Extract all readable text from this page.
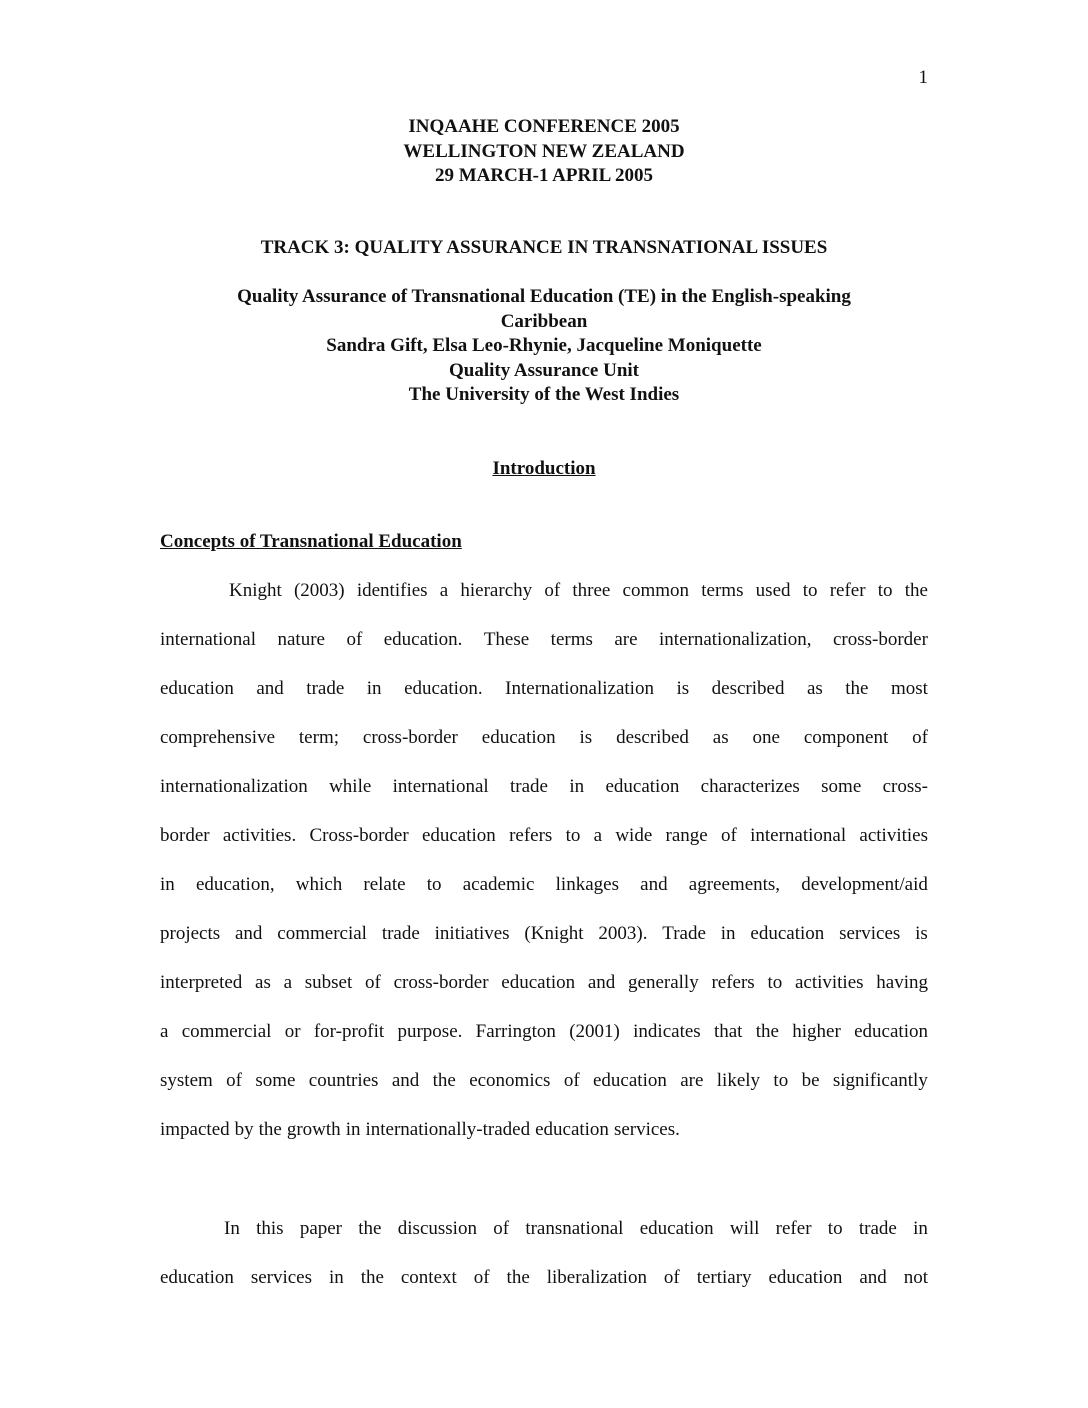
1
INQAAHE CONFERENCE 2005
WELLINGTON NEW ZEALAND
29 MARCH-1 APRIL 2005
TRACK 3: QUALITY ASSURANCE IN TRANSNATIONAL ISSUES
Quality Assurance of Transnational Education (TE) in the English-speaking
Caribbean
Sandra Gift, Elsa Leo-Rhynie, Jacqueline Moniquette
Quality Assurance Unit
The University of the West Indies
Introduction
Concepts of Transnational Education
Knight (2003) identifies a hierarchy of three common terms used to refer to the
international nature of education. These terms are internationalization, cross-border
education and trade in education. Internationalization is described as the most
comprehensive term; cross-border education is described as one component of
internationalization while international trade in education characterizes some cross-
border activities. Cross-border education refers to a wide range of international activities
in education, which relate to academic linkages and agreements, development/aid
projects and commercial trade initiatives (Knight 2003). Trade in education services is
interpreted as a subset of cross-border education and generally refers to activities having
a commercial or for-profit purpose. Farrington (2001) indicates that the higher education
system of some countries and the economics of education are likely to be significantly
impacted by the growth in internationally-traded education services.
In this paper the discussion of transnational education will refer to trade in
education services in the context of the liberalization of tertiary education and not
